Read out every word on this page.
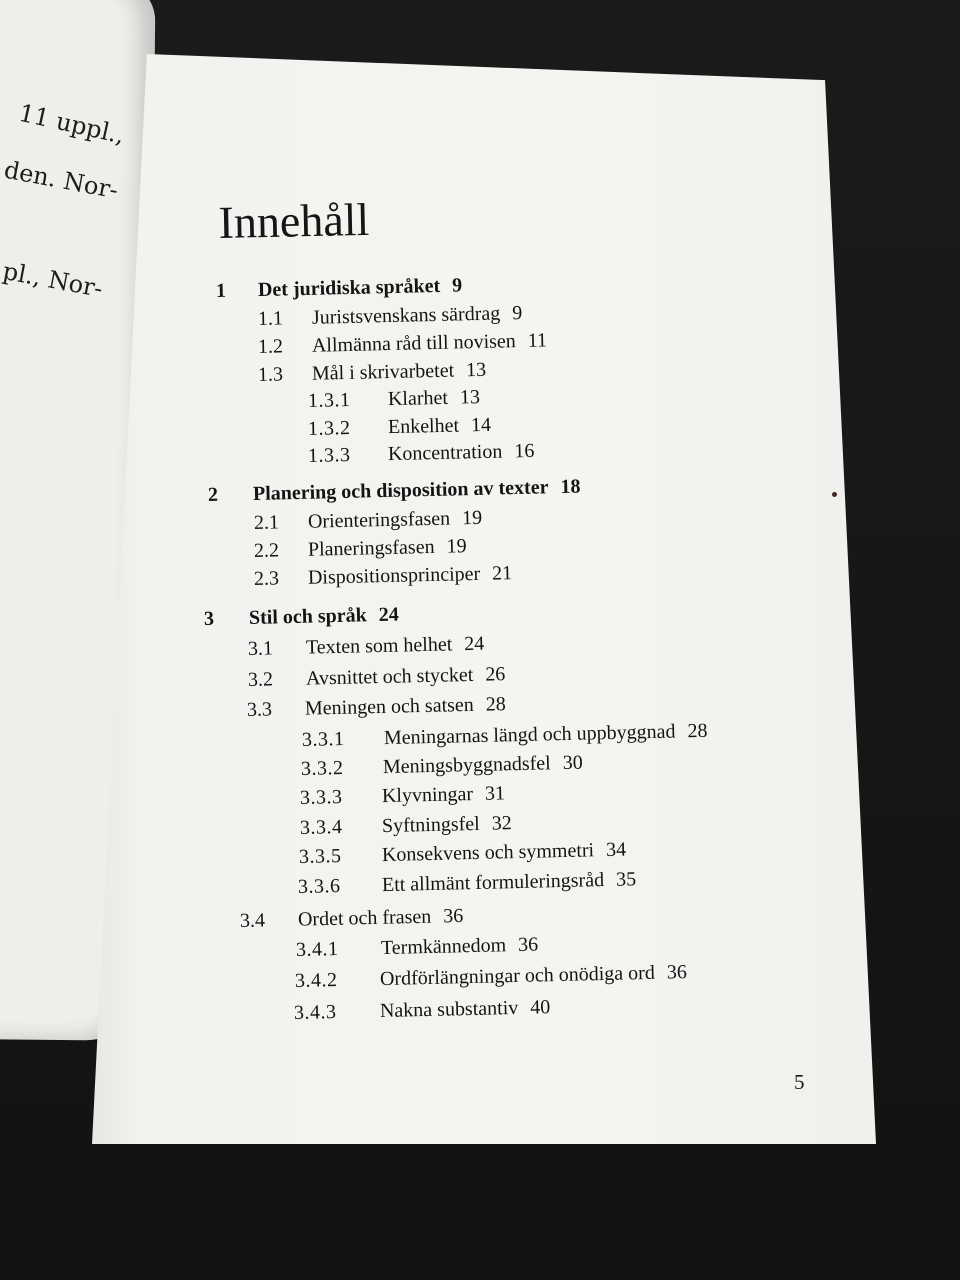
11 uppl.,
den. Nor-
pl., Nor-
Innehåll
1 Det juridiska språket 9
1.1 Juristsvenskans särdrag 9
1.2 Allmänna råd till novisen 11
1.3 Mål i skrivarbetet 13
1.3.1 Klarhet 13
1.3.2 Enkelhet 14
1.3.3 Koncentration 16
2 Planering och disposition av texter 18
2.1 Orienteringsfasen 19
2.2 Planeringsfasen 19
2.3 Dispositionsprinciper 21
3 Stil och språk 24
3.1 Texten som helhet 24
3.2 Avsnittet och stycket 26
3.3 Meningen och satsen 28
3.3.1 Meningarnas längd och uppbyggnad 28
3.3.2 Meningsbyggnadsfel 30
3.3.3 Klyvningar 31
3.3.4 Syftningsfel 32
3.3.5 Konsekvens och symmetri 34
3.3.6 Ett allmänt formuleringsråd 35
3.4 Ordet och frasen 36
3.4.1 Termkännedom 36
3.4.2 Ordförlängningar och onödiga ord 36
3.4.3 Nakna substantiv 40
5
